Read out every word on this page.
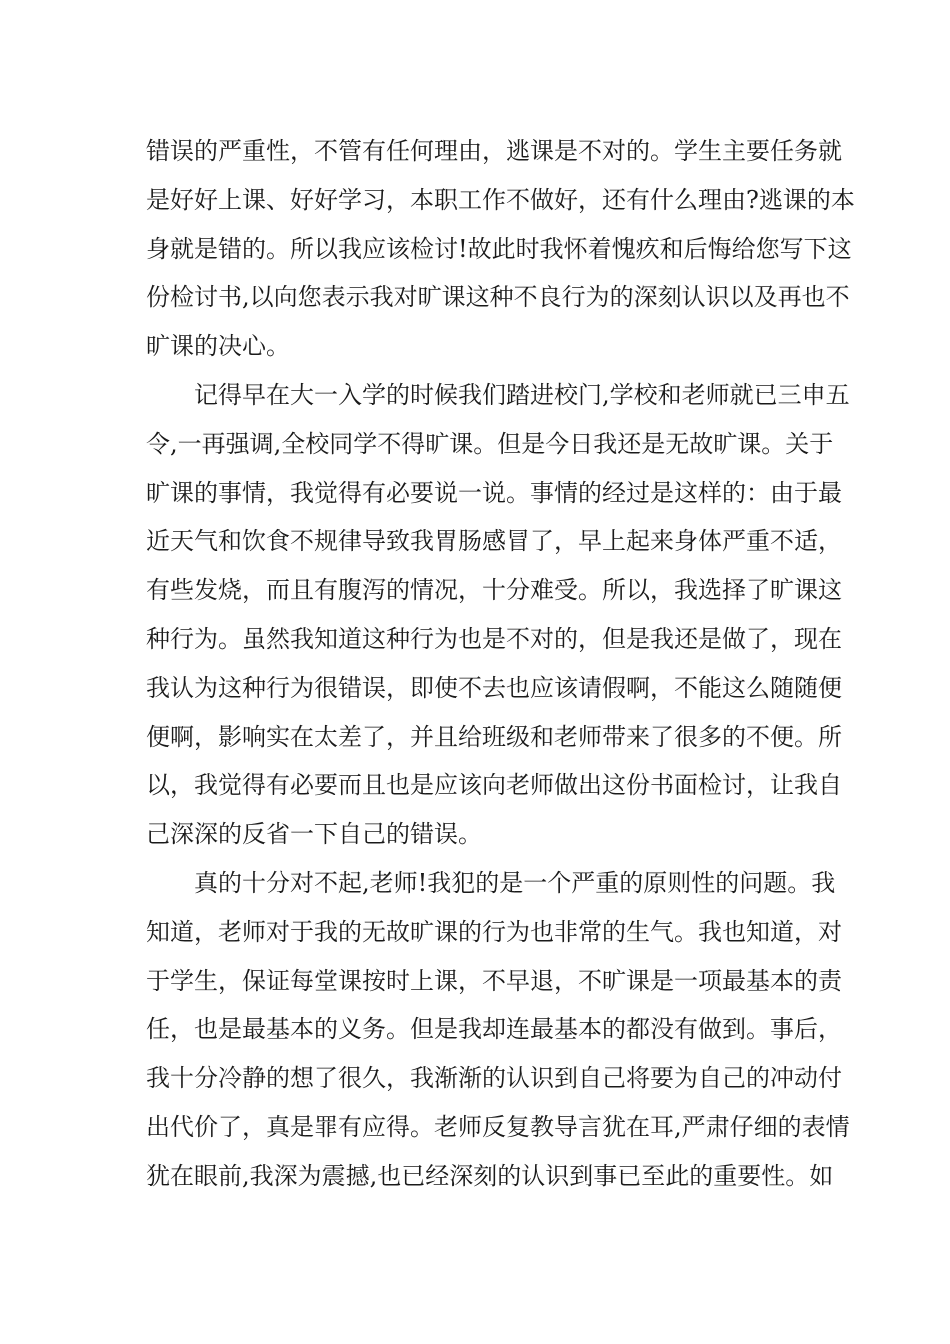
错误的严重性，不管有任何理由，逃课是不对的。学生主要任务就
是好好上课、好好学习，本职工作不做好，还有什么理由?逃课的本
身就是错的。所以我应该检讨!故此时我怀着愧疚和后悔给您写下这
份检讨书,以向您表示我对旷课这种不良行为的深刻认识以及再也不
旷课的决心。
记得早在大一入学的时候我们踏进校门,学校和老师就已三申五
令,一再强调,全校同学不得旷课。但是今日我还是无故旷课。关于
旷课的事情，我觉得有必要说一说。事情的经过是这样的：由于最
近天气和饮食不规律导致我胃肠感冒了，早上起来身体严重不适，
有些发烧，而且有腹泻的情况，十分难受。所以，我选择了旷课这
种行为。虽然我知道这种行为也是不对的，但是我还是做了，现在
我认为这种行为很错误，即使不去也应该请假啊，不能这么随随便
便啊，影响实在太差了，并且给班级和老师带来了很多的不便。所
以，我觉得有必要而且也是应该向老师做出这份书面检讨，让我自
己深深的反省一下自己的错误。
真的十分对不起,老师!我犯的是一个严重的原则性的问题。我
知道，老师对于我的无故旷课的行为也非常的生气。我也知道，对
于学生，保证每堂课按时上课，不早退，不旷课是一项最基本的责
任，也是最基本的义务。但是我却连最基本的都没有做到。事后，
我十分冷静的想了很久，我渐渐的认识到自己将要为自己的冲动付
出代价了，真是罪有应得。老师反复教导言犹在耳,严肃仔细的表情
犹在眼前,我深为震撼,也已经深刻的认识到事已至此的重要性。如
